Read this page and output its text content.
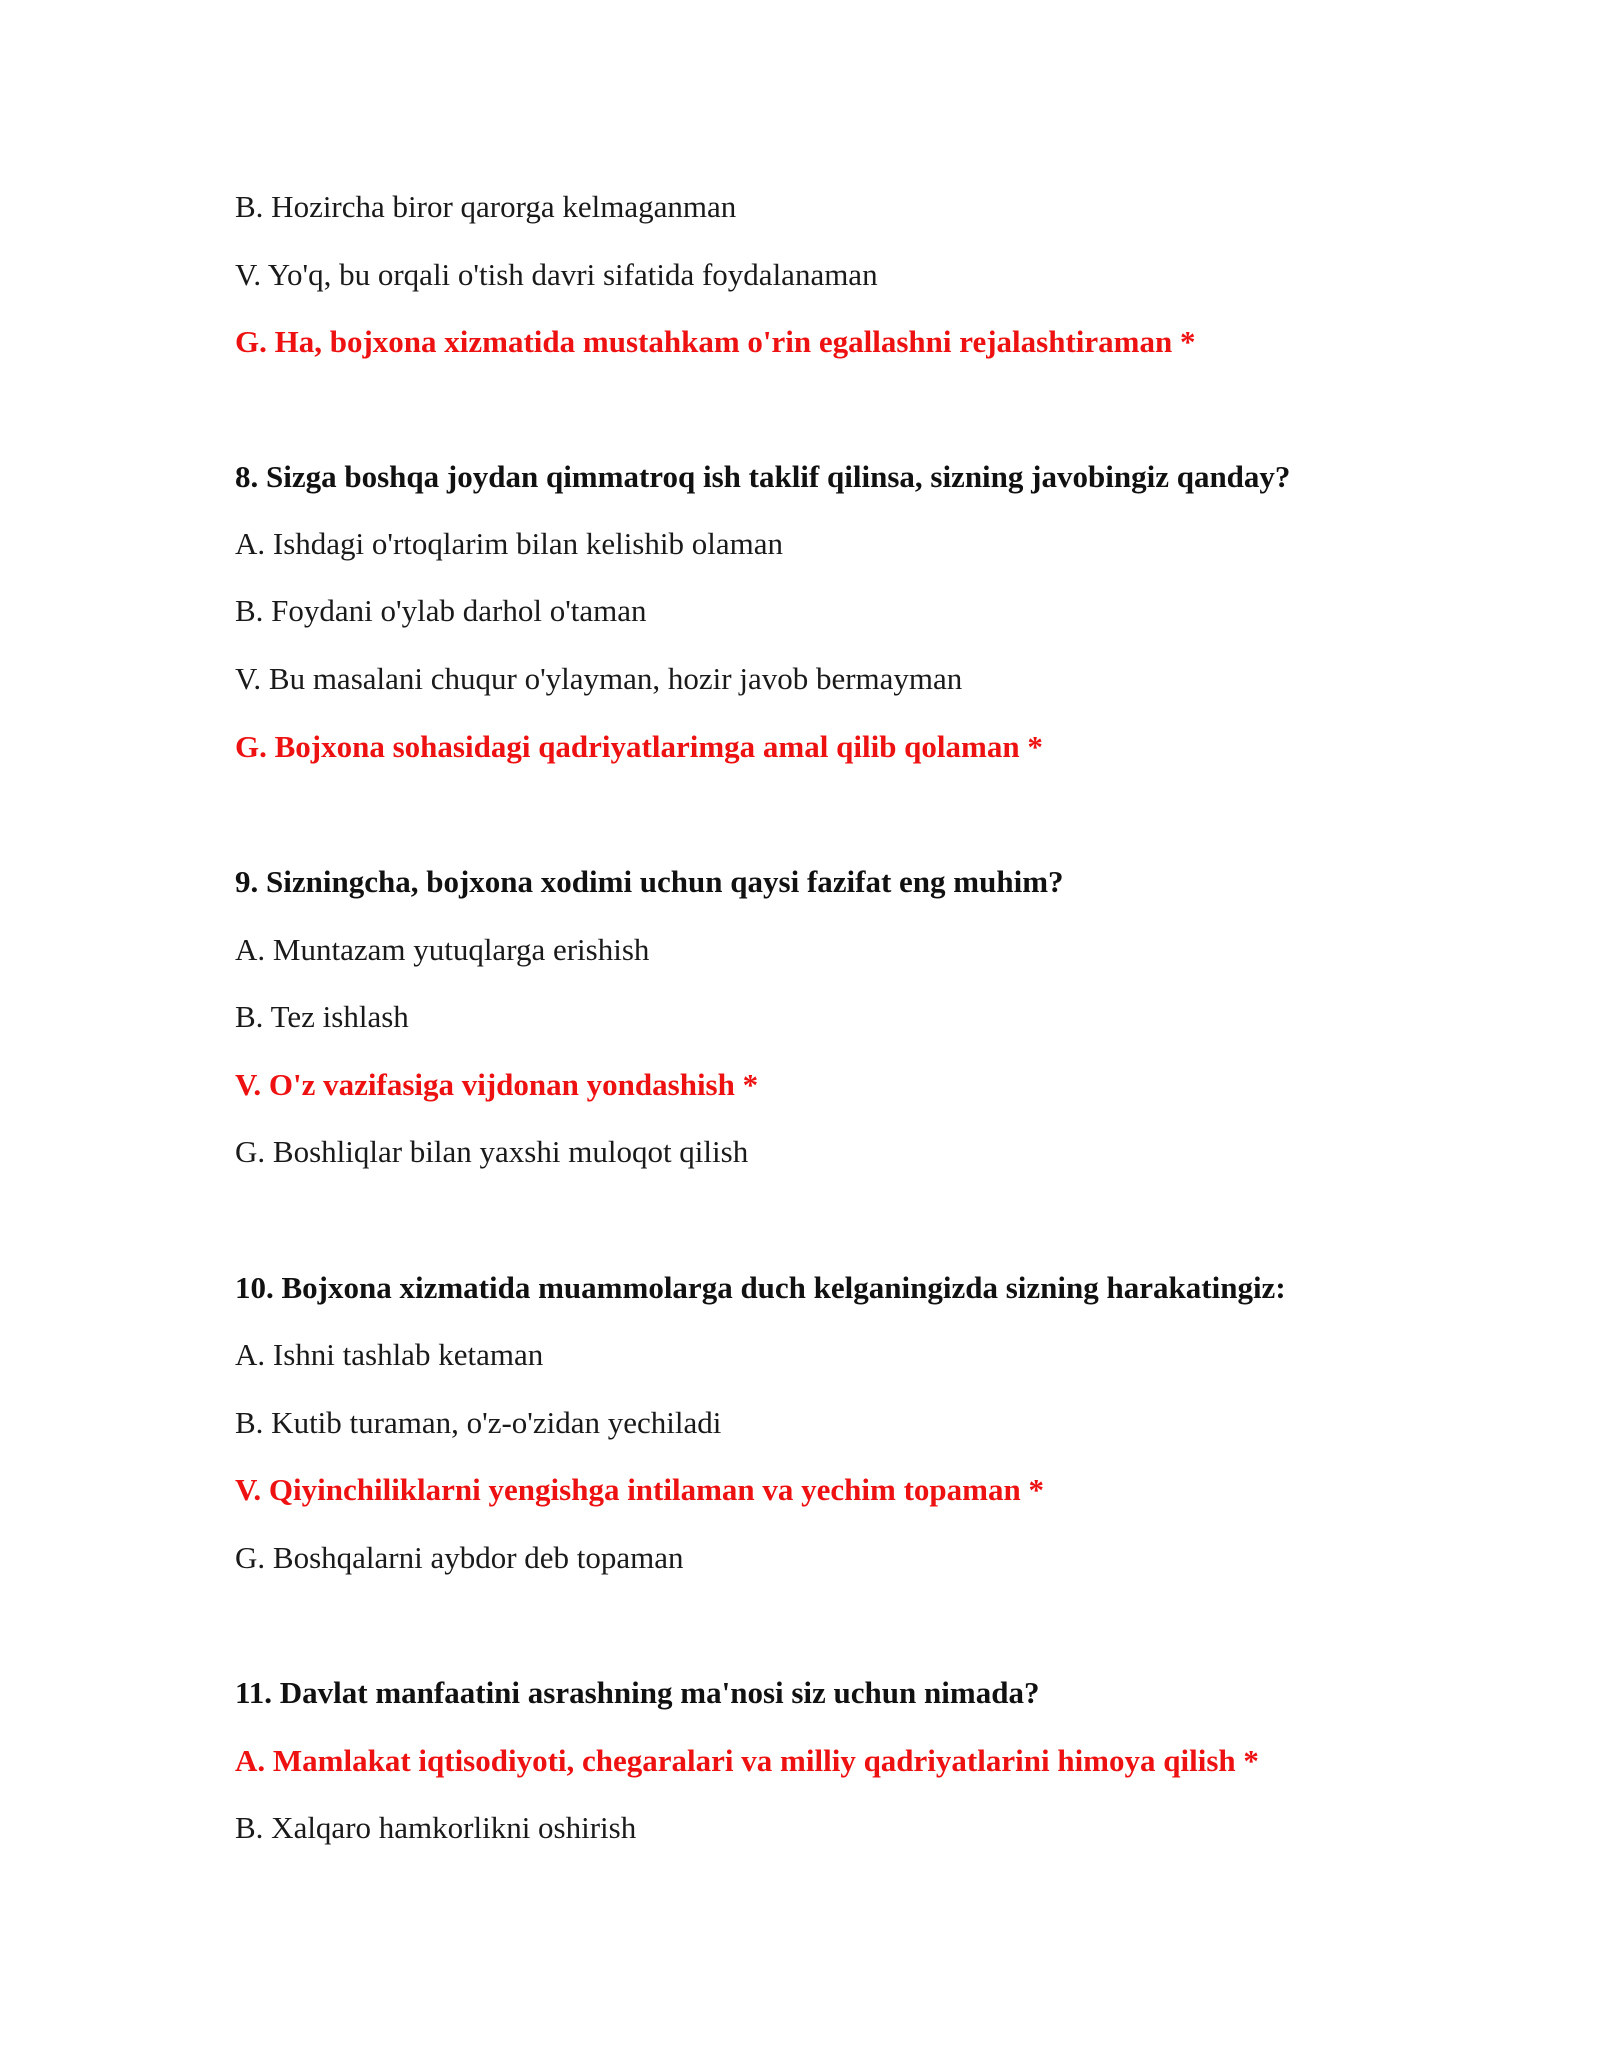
B. Hozircha biror qarorga kelmaganman
V. Yo'q, bu orqali o'tish davri sifatida foydalanaman
G. Ha, bojxona xizmatida mustahkam o'rin egallashni rejalashtiraman *
8. Sizga boshqa joydan qimmatroq ish taklif qilinsa, sizning javobingiz qanday?
A. Ishdagi o'rtoqlarim bilan kelishib olaman
B. Foydani o'ylab darhol o'taman
V. Bu masalani chuqur o'ylayman, hozir javob bermayman
G. Bojxona sohasidagi qadriyatlarimga amal qilib qolaman *
9. Sizningcha, bojxona xodimi uchun qaysi fazifat eng muhim?
A. Muntazam yutuqlarga erishish
B. Tez ishlash
V. O'z vazifasiga vijdonan yondashish *
G. Boshliqlar bilan yaxshi muloqot qilish
10. Bojxona xizmatida muammolarga duch kelganingizda sizning harakatingiz:
A. Ishni tashlab ketaman
B. Kutib turaman, o'z-o'zidan yechiladi
V. Qiyinchiliklarni yengishga intilaman va yechim topaman *
G. Boshqalarni aybdor deb topaman
11. Davlat manfaatini asrashning ma'nosi siz uchun nimada?
A. Mamlakat iqtisodiyoti, chegaralari va milliy qadriyatlarini himoya qilish *
B. Xalqaro hamkorlikni oshirish
